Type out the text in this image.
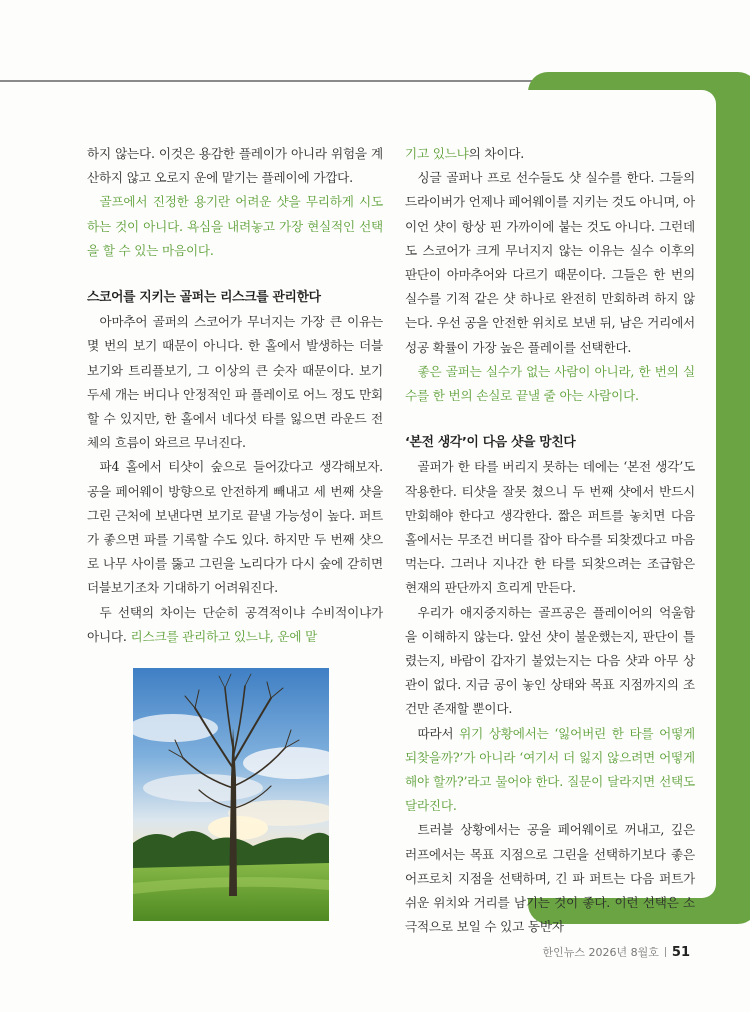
하지 않는다. 이것은 용감한 플레이가 아니라 위험을 계산하지 않고 오로지 운에 맡기는 플레이에 가깝다.

골프에서 진정한 용기란 어려운 샷을 무리하게 시도하는 것이 아니다. 욕심을 내려놓고 가장 현실적인 선택을 할 수 있는 마음이다.

스코어를 지키는 골퍼는 리스크를 관리한다

아마추어 골퍼의 스코어가 무너지는 가장 큰 이유는 몇 번의 보기 때문이 아니다. 한 홀에서 발생하는 더블보기와 트리플보기, 그 이상의 큰 숫자 때문이다. 보기 두세 개는 버디나 안정적인 파 플레이로 어느 정도 만회할 수 있지만, 한 홀에서 네다섯 타를 잃으면 라운드 전체의 흐름이 와르르 무너진다.

파4 홀에서 티샷이 숲으로 들어갔다고 생각해보자. 공을 페어웨이 방향으로 안전하게 빼내고 세 번째 샷을 그린 근처에 보낸다면 보기로 끝낼 가능성이 높다. 퍼트가 좋으면 파를 기록할 수도 있다. 하지만 두 번째 샷으로 나무 사이를 뚫고 그린을 노리다가 다시 숲에 갇히면 더블보기조차 기대하기 어려워진다.

두 선택의 차이는 단순히 공격적이냐 수비적이냐가 아니다. 리스크를 관리하고 있느냐, 운에 맡

기고 있느냐의 차이다.

싱글 골퍼나 프로 선수들도 샷 실수를 한다. 그들의 드라이버가 언제나 페어웨이를 지키는 것도 아니며, 아이언 샷이 항상 핀 가까이에 붙는 것도 아니다. 그런데도 스코어가 크게 무너지지 않는 이유는 실수 이후의 판단이 아마추어와 다르기 때문이다. 그들은 한 번의 실수를 기적 같은 샷 하나로 완전히 만회하려 하지 않는다. 우선 공을 안전한 위치로 보낸 뒤, 남은 거리에서 성공 확률이 가장 높은 플레이를 선택한다.

좋은 골퍼는 실수가 없는 사람이 아니라, 한 번의 실수를 한 번의 손실로 끝낼 줄 아는 사람이다.

‘본전 생각’이 다음 샷을 망친다

골퍼가 한 타를 버리지 못하는 데에는 ‘본전 생각’도 작용한다. 티샷을 잘못 쳤으니 두 번째 샷에서 반드시 만회해야 한다고 생각한다. 짧은 퍼트를 놓치면 다음 홀에서는 무조건 버디를 잡아 타수를 되찾겠다고 마음먹는다. 그러나 지나간 한 타를 되찾으려는 조급함은 현재의 판단까지 흐리게 만든다.

우리가 애지중지하는 골프공은 플레이어의 억울함을 이해하지 않는다. 앞선 샷이 불운했는지, 판단이 틀렸는지, 바람이 갑자기 불었는지는 다음 샷과 아무 상관이 없다. 지금 공이 놓인 상태와 목표 지점까지의 조건만 존재할 뿐이다.

따라서 위기 상황에서는 ‘잃어버린 한 타를 어떻게 되찾을까?’가 아니라 ‘여기서 더 잃지 않으려면 어떻게 해야 할까?’라고 물어야 한다. 질문이 달라지면 선택도 달라진다.

트러블 상황에서는 공을 페어웨이로 꺼내고, 깊은 러프에서는 목표 지점으로 그린을 선택하기보다 좋은 어프로치 지점을 선택하며, 긴 파 퍼트는 다음 퍼트가 쉬운 위치와 거리를 남기는 것이 좋다. 이런 선택은 소극적으로 보일 수 있고 동반자

한인뉴스 2026년 8월호 51
